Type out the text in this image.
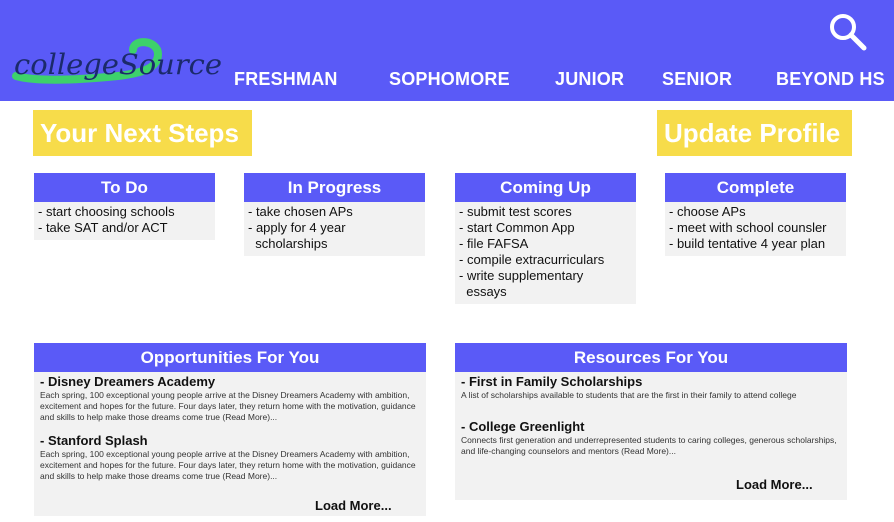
collegeSource FRESHMAN	SOPHOMORE	JUNIOR SENIOR BEYOND HS
Your Next Steps	Update Profile
To Do
- start choosing schools
- take SAT and/or ACT
In Progress
- take chosen APs
- apply for 4 year
scholarships
Coming Up
- submit test scores
- start Common App
- file FAFSA
- compile extracurriculars
- write supplementary
essays
Complete
- choose APs
- meet with school counsler
- build tentative 4 year plan
Opportunities For You
- Disney Dreamers Academy
Each spring, 100 exceptional young people arrive at the Disney Dreamers Academy with ambition, excitement and hopes for the future. Four days later, they return home with the motivation, guidance and skills to help make those dreams come true (Read More)...
- Stanford Splash
Each spring, 100 exceptional young people arrive at the Disney Dreamers Academy with ambition, excitement and hopes for the future. Four days later, they return home with the motivation, guidance and skills to help make those dreams come true (Read More)...
Load More...
Resources For You
- First in Family Scholarships
A list of scholarships available to students that are the first in their family to attend college
- College Greenlight
Connects first generation and underrepresented students to caring colleges, generous scholarships, and life-changing counselors and mentors (Read More)...
Load More...
